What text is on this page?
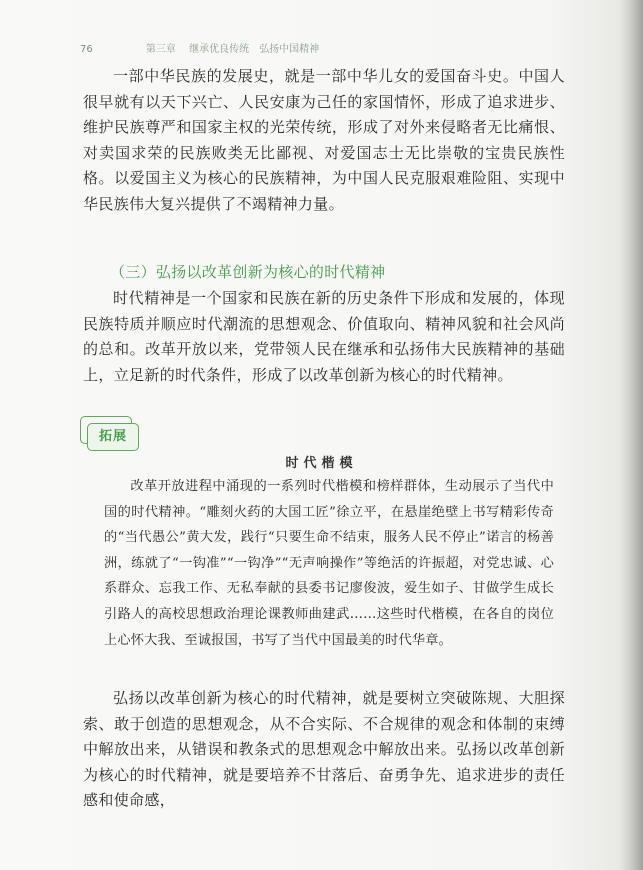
76	第三章 继承优良传统　弘扬中国精神

一部中华民族的发展史，就是一部中华儿女的爱国奋斗史。中国人很早就有以天下兴亡、人民安康为己任的家国情怀，形成了追求进步、维护民族尊严和国家主权的光荣传统，形成了对外来侵略者无比痛恨、对卖国求荣的民族败类无比鄙视、对爱国志士无比崇敬的宝贵民族性格。以爱国主义为核心的民族精神，为中国人民克服艰难险阻、实现中华民族伟大复兴提供了不竭精神力量。

（三）弘扬以改革创新为核心的时代精神

时代精神是一个国家和民族在新的历史条件下形成和发展的，体现民族特质并顺应时代潮流的思想观念、价值取向、精神风貌和社会风尚的总和。改革开放以来，党带领人民在继承和弘扬伟大民族精神的基础上，立足新的时代条件，形成了以改革创新为核心的时代精神。

拓展
时代楷模

改革开放进程中涌现的一系列时代楷模和榜样群体，生动展示了当代中国的时代精神。“雕刻火药的大国工匠”徐立平，在悬崖绝壁上书写精彩传奇的“当代愚公”黄大发，践行“只要生命不结束，服务人民不停止”诺言的杨善洲，练就了“一钩准”“一钩净”“无声响操作”等绝活的许振超，对党忠诚、心系群众、忘我工作、无私奉献的县委书记廖俊波，爱生如子、甘做学生成长引路人的高校思想政治理论课教师曲建武……这些时代楷模，在各自的岗位上心怀大我、至诚报国，书写了当代中国最美的时代华章。

弘扬以改革创新为核心的时代精神，就是要树立突破陈规、大胆探索、敢于创造的思想观念，从不合实际、不合规律的观念和体制的束缚中解放出来，从错误和教条式的思想观念中解放出来。弘扬以改革创新为核心的时代精神，就是要培养不甘落后、奋勇争先、追求进步的责任感和使命感，
